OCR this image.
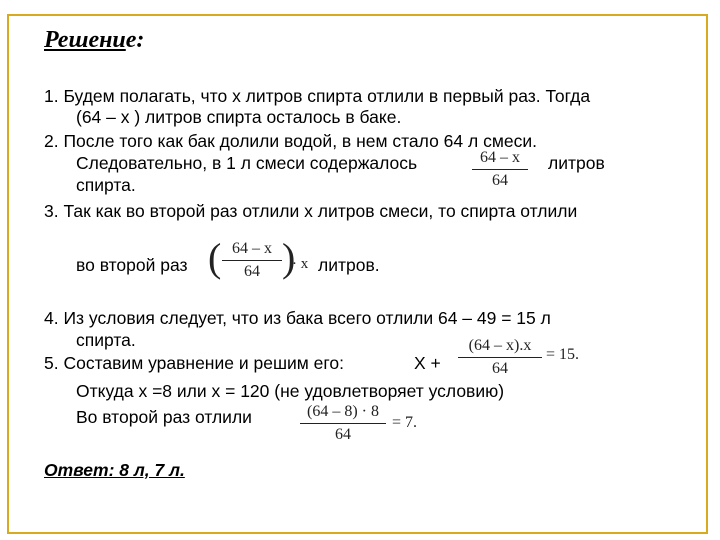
Решение:
1. Будем полагать, что х литров спирта отлили в первый раз. Тогда
(64 – х ) литров спирта осталось в баке.
2. После того как бак долили водой, в нем стало 64 л смеси.
Следовательно, в 1 л смеси содержалось	64 – x
64
литров
спирта.
3. Так как во второй раз отлили х литров смеси, то спирта отлили
во второй раз ( 64 – x
64 )
· x литров.
4. Из условия следует, что из бака всего отлили 64 – 49 = 15 л
спирта.
5. Составим уравнение и решим его:	Х +
(64 – x).x
64
= 15.
Откуда х =8 или х = 120 (не удовлетворяет условию)
Во второй раз отлили	(64 – 8) · 8
64
= 7.
Ответ: 8 л, 7 л.
